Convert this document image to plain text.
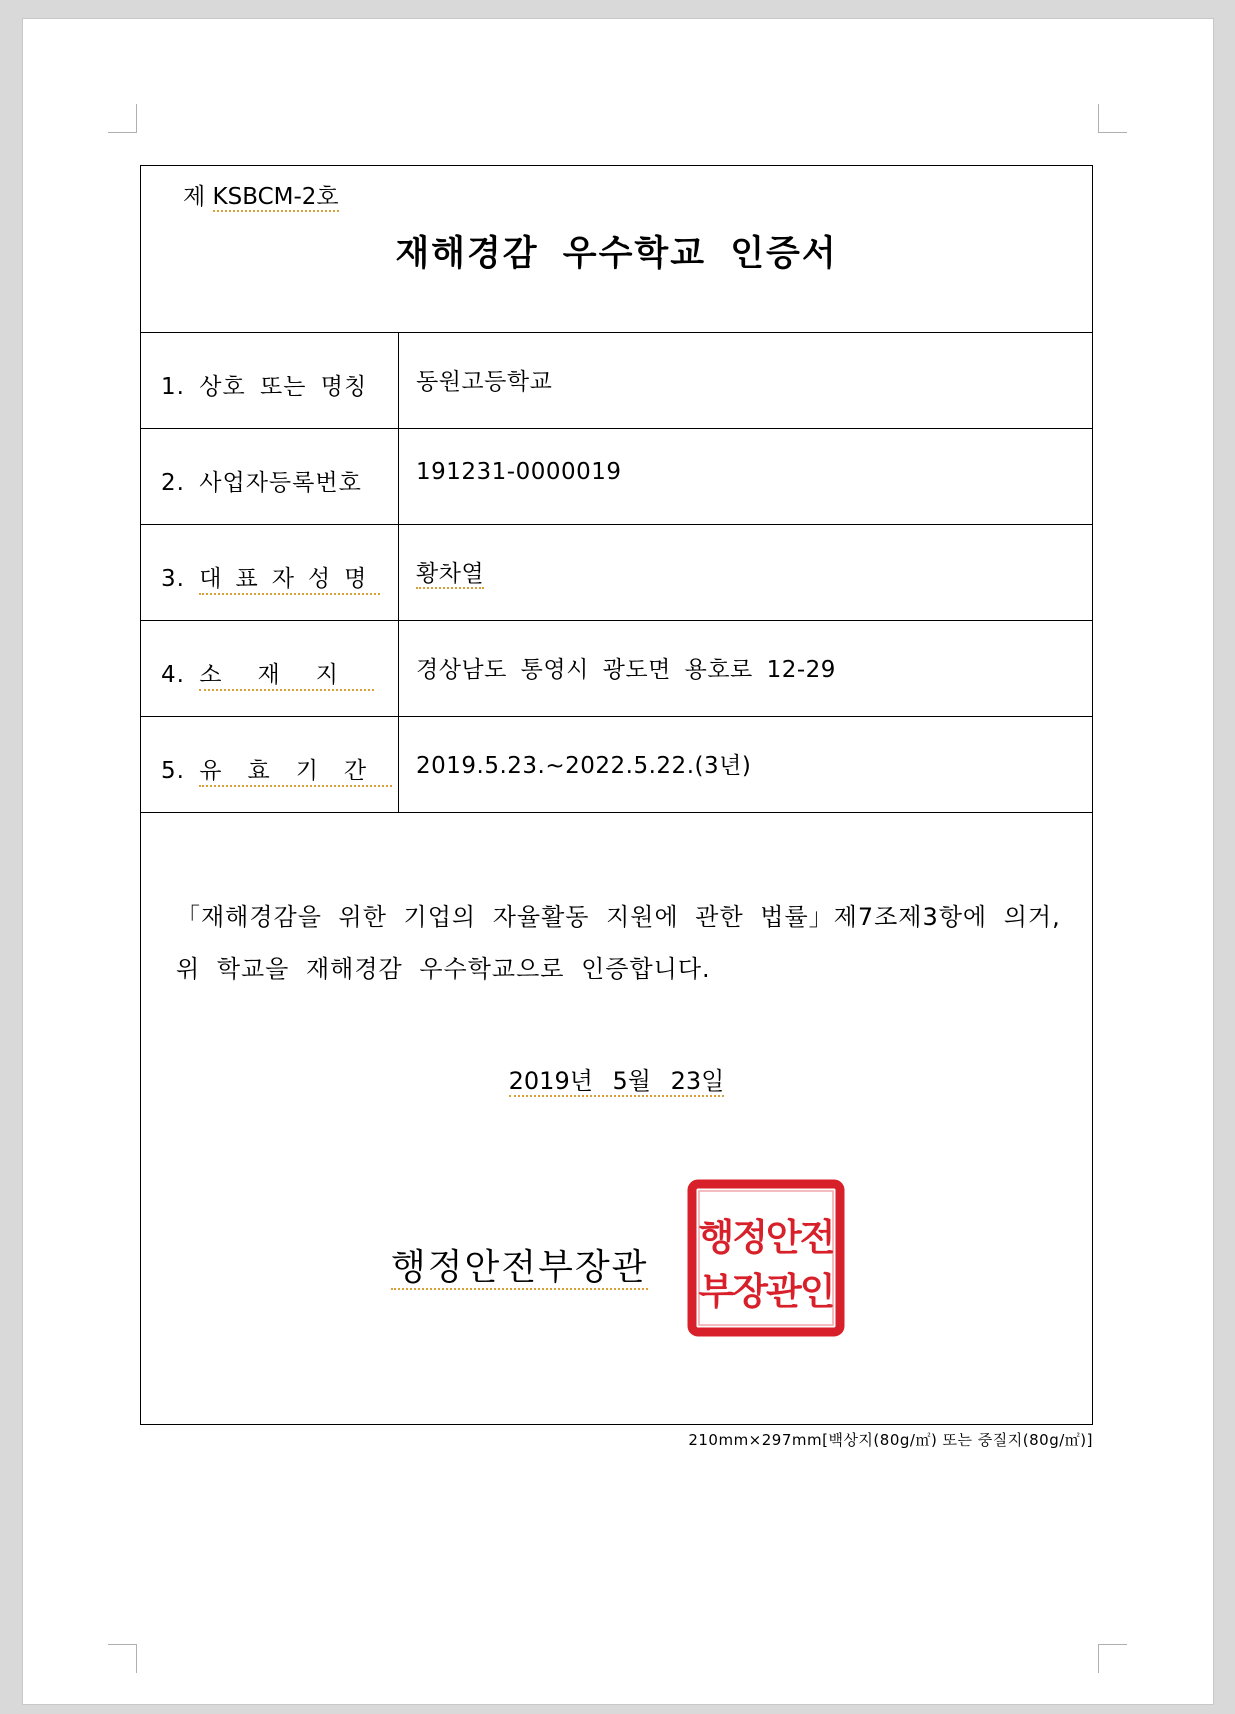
제 KSBCM-2호
재해경감 우수학교 인증서
1. 상호 또는 명칭	동원고등학교
2. 사업자등록번호	191231-0000019
3. 대표자성명	황차열
4. 소재지	경상남도 통영시 광도면 용호로 12-29
5. 유효기간 2019.5.23.~2022.5.22.(3년)

「재해경감을 위한 기업의 자율활동 지원에 관한 법률」제7조제3항에 의거,

위 학교을 재해경감 우수학교으로 인증합니다.

2019년 5월 23일
행정안전부장관
행정안전
부장관인
210mm×297mm[백상지(80g/㎡) 또는 중질지(80g/㎡)]
